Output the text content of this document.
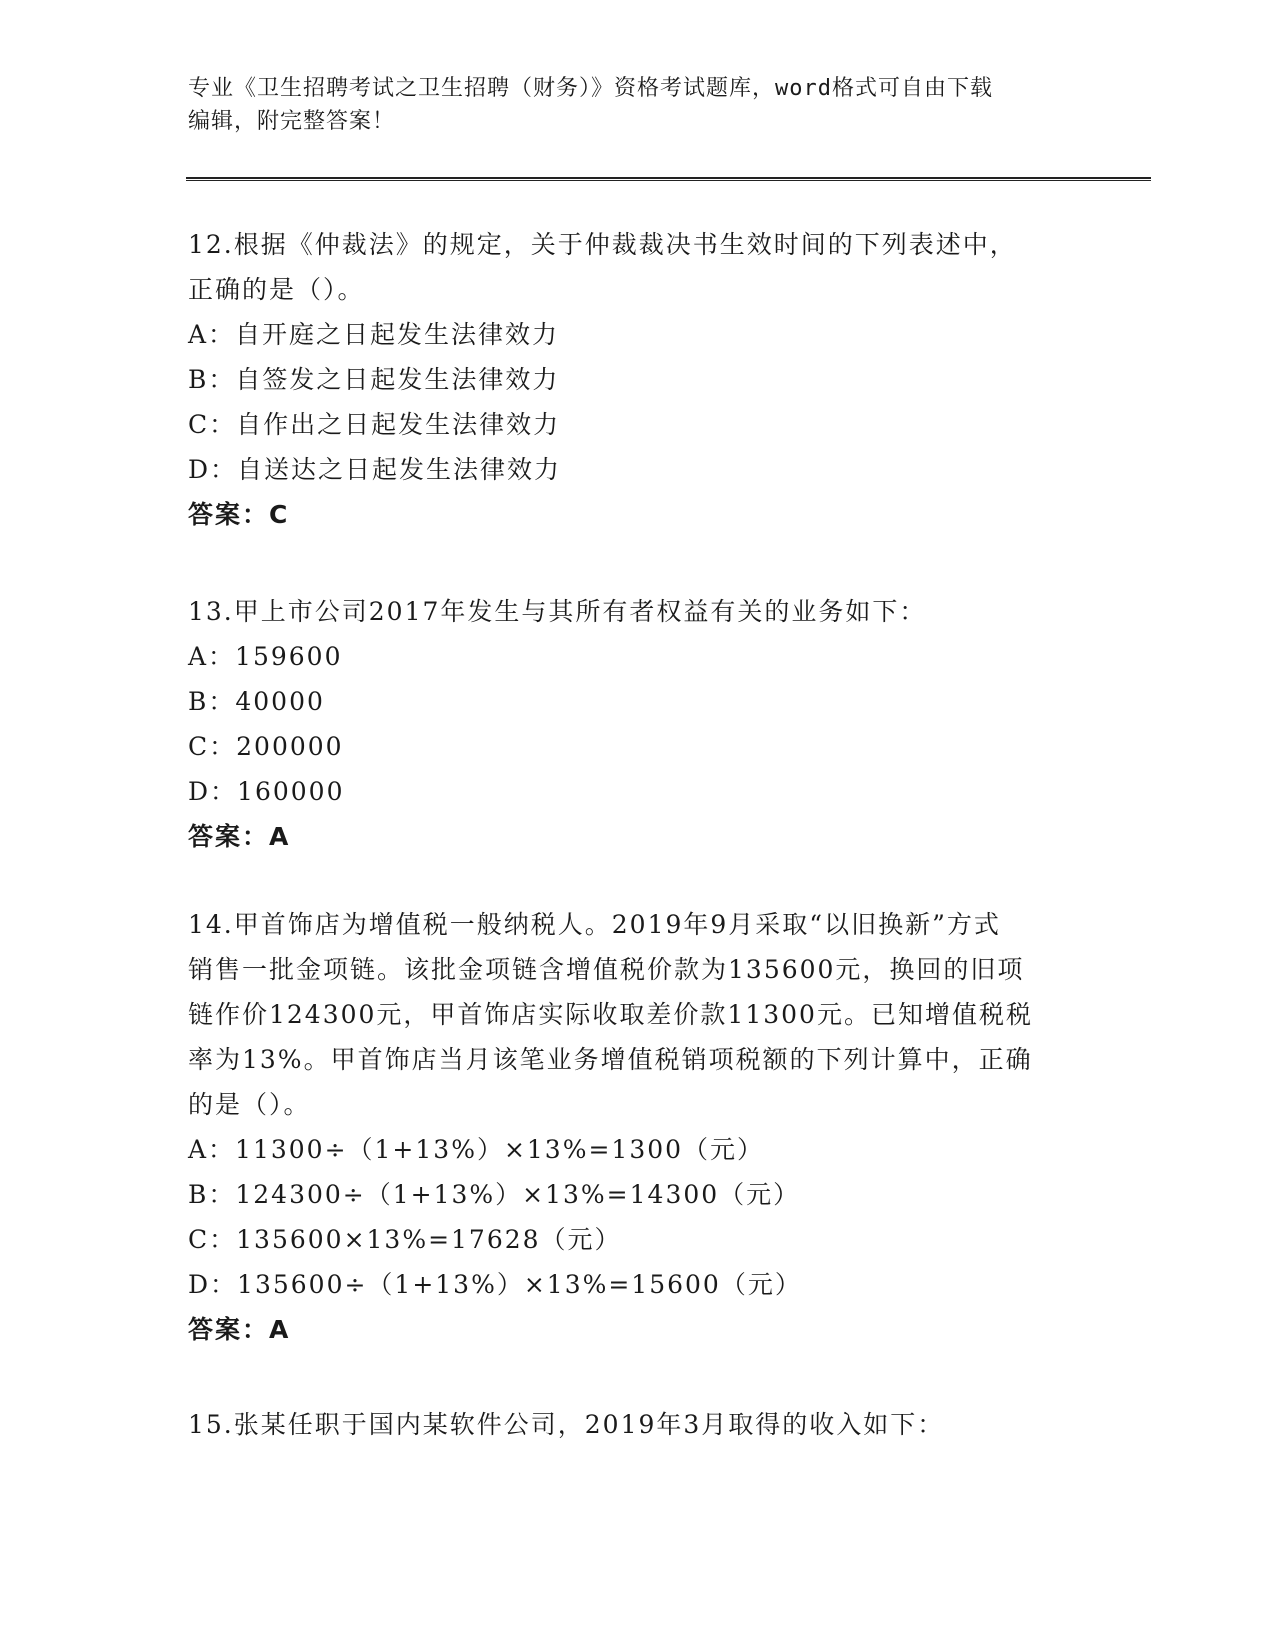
专业《卫生招聘考试之卫生招聘（财务）》资格考试题库，word格式可自由下载
编辑，附完整答案！

12.根据《仲裁法》的规定，关于仲裁裁决书生效时间的下列表述中，

正确的是（）。

A：自开庭之日起发生法律效力

B：自签发之日起发生法律效力

C：自作出之日起发生法律效力

D：自送达之日起发生法律效力

答案：C

13.甲上市公司2017年发生与其所有者权益有关的业务如下：

A：159600

B：40000

C：200000

D：160000

答案：A

14.甲首饰店为增值税一般纳税人。2019年9月采取“以旧换新”方式

销售一批金项链。该批金项链含增值税价款为135600元，换回的旧项

链作价124300元，甲首饰店实际收取差价款11300元。已知增值税税

率为13%。甲首饰店当月该笔业务增值税销项税额的下列计算中，正确

的是（）。

A：11300÷（1+13%）×13%=1300（元）

B：124300÷（1+13%）×13%=14300（元）

C：135600×13%=17628（元）

D：135600÷（1+13%）×13%=15600（元）

答案：A

15.张某任职于国内某软件公司，2019年3月取得的收入如下：
